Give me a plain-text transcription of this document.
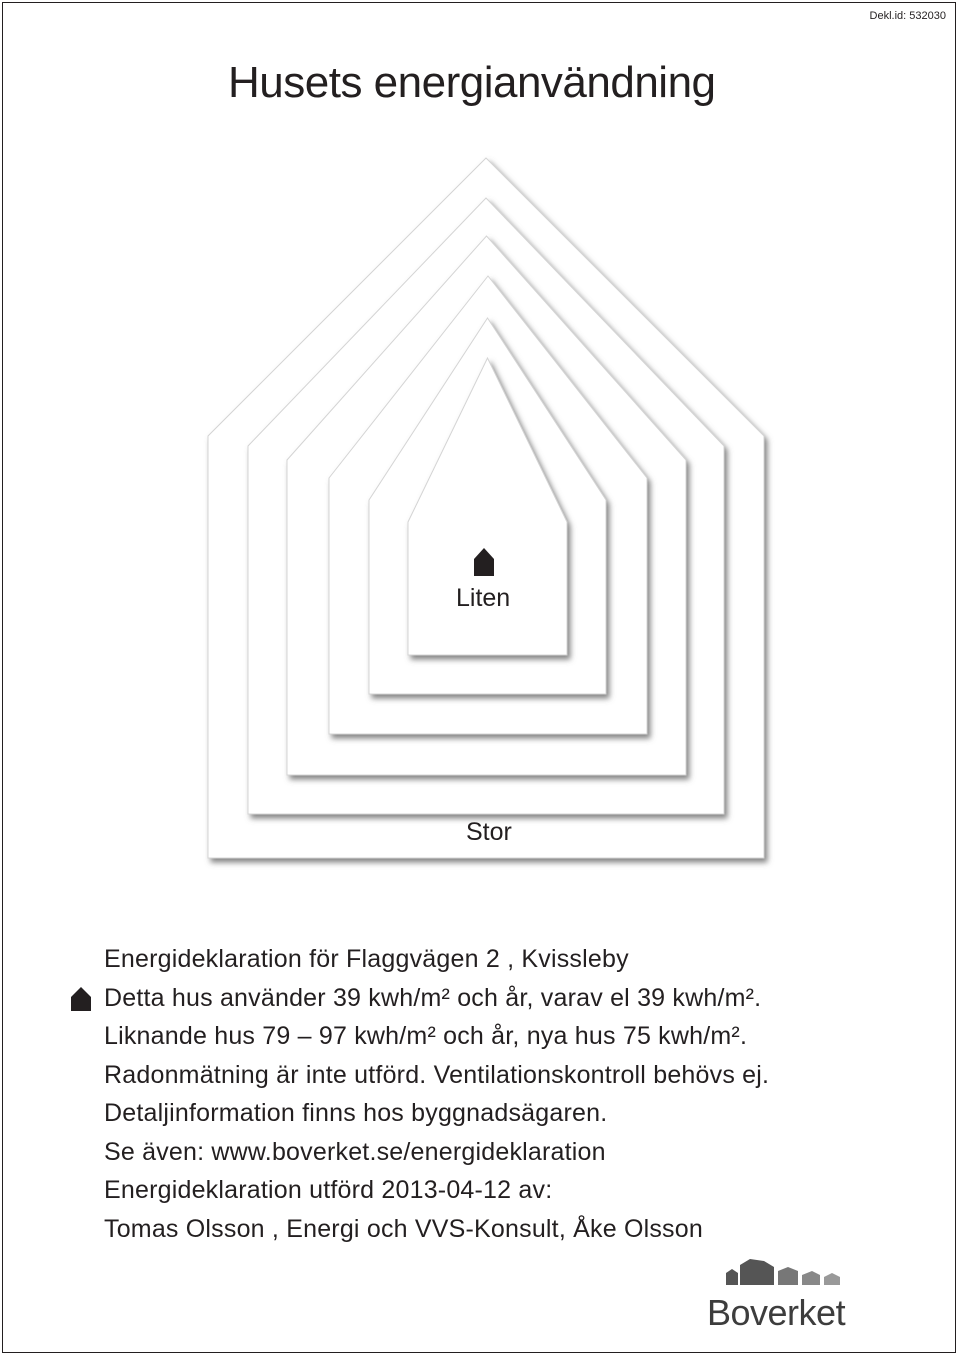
Dekl.id: 532030
Husets energianvändning
Liten
Stor
Energideklaration för Flaggvägen 2 , Kvissleby
Detta hus använder 39 kwh/m² och år, varav el 39 kwh/m².
Liknande hus 79 – 97 kwh/m² och år, nya hus 75 kwh/m².
Radonmätning är inte utförd. Ventilationskontroll behövs ej.
Detaljinformation finns hos byggnadsägaren.
Se även: www.boverket.se/energideklaration
Energideklaration utförd 2013-04-12 av:
Tomas Olsson , Energi och VVS-Konsult, Åke Olsson
Boverket
